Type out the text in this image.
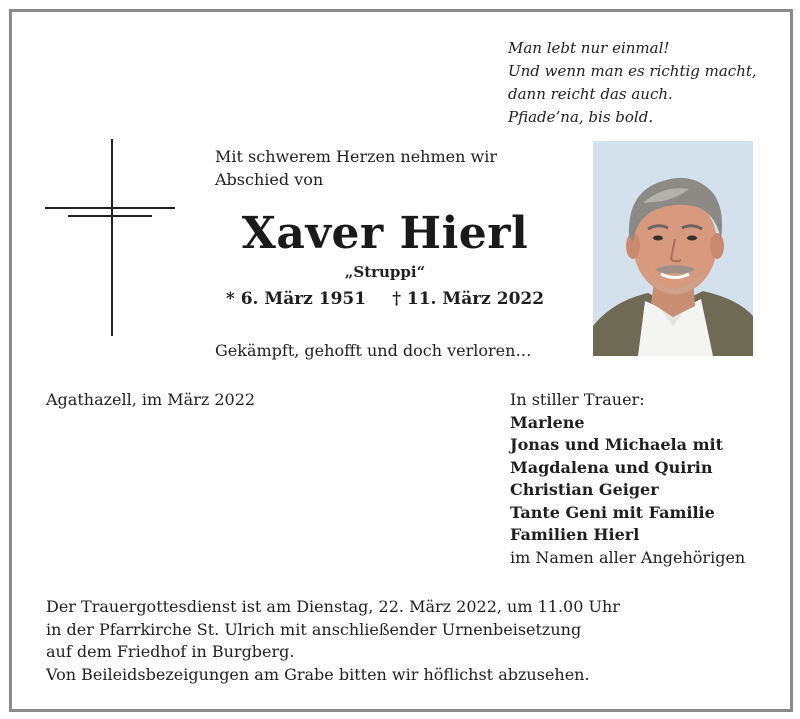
Man lebt nur einmal!
Und wenn man es richtig macht,
dann reicht das auch.
Pfiade’na, bis bold.
Mit schwerem Herzen nehmen wir
Abschied von
Xaver Hierl
„Struppi“
* 6. März 1951 † 11. März 2022
Gekämpft, gehofft und doch verloren…
Agathazell, im März 2022	In stiller Trauer:
Marlene
Jonas und Michaela mit
Magdalena und Quirin
Christian Geiger
Tante Geni mit Familie
Familien Hierl
im Namen aller Angehörigen
Der Trauergottesdienst ist am Dienstag, 22. März 2022, um 11.00 Uhr
in der Pfarrkirche St. Ulrich mit anschließender Urnenbeisetzung
auf dem Friedhof in Burgberg.
Von Beileidsbezeigungen am Grabe bitten wir höflichst abzusehen.
